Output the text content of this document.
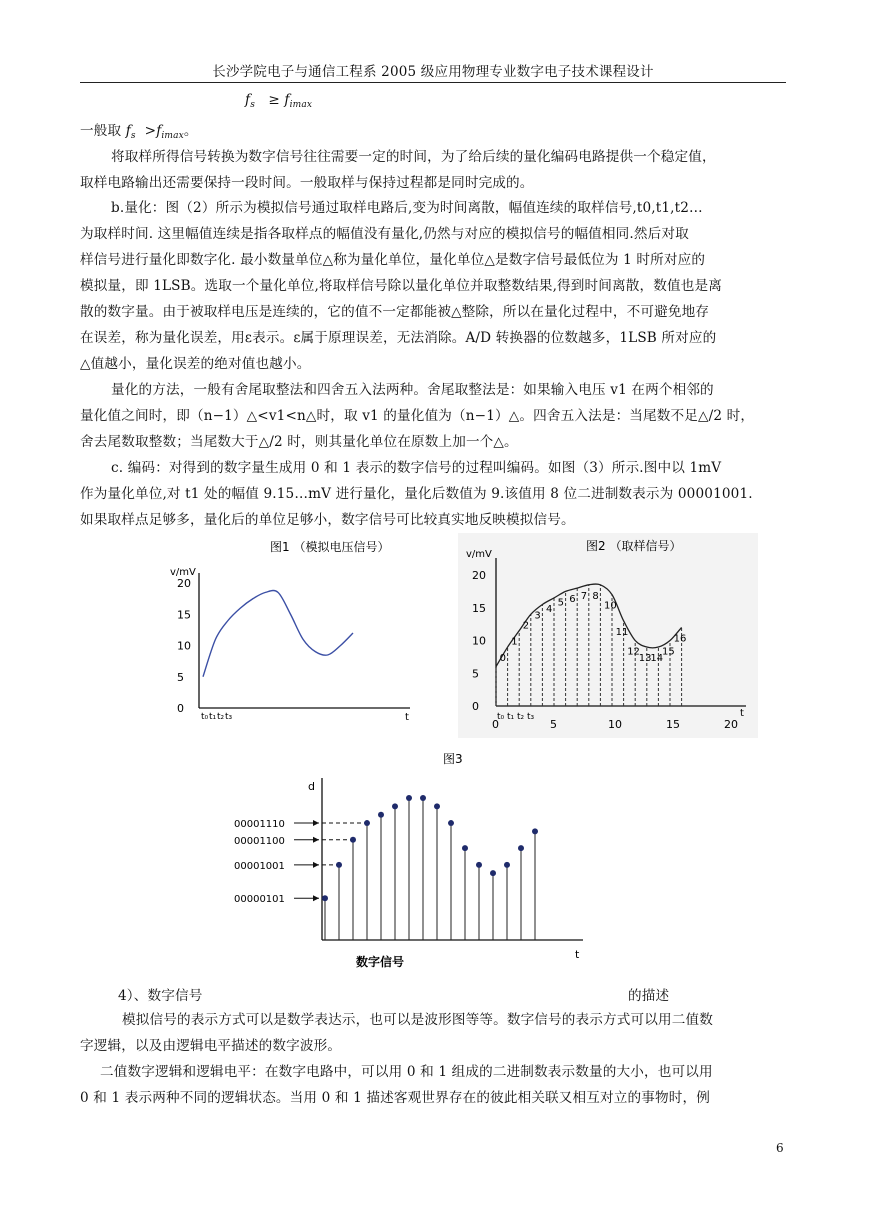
长沙学院电子与通信工程系 2005 级应用物理专业数字电子技术课程设计
$f_s \ge f_{imax}$
一般取 $f_s >f_{imax}$。
将取样所得信号转换为数字信号往往需要一定的时间，为了给后续的量化编码电路提供一个稳定值，
取样电路输出还需要保持一段时间。一般取样与保持过程都是同时完成的。
b.量化：图（2）所示为模拟信号通过取样电路后,变为时间离散，幅值连续的取样信号,t0,t1,t2…
为取样时间. 这里幅值连续是指各取样点的幅值没有量化,仍然与对应的模拟信号的幅值相同.然后对取
样信号进行量化即数字化. 最小数量单位△称为量化单位，量化单位△是数字信号最低位为 1 时所对应的
模拟量，即 1LSB。选取一个量化单位,将取样信号除以量化单位并取整数结果,得到时间离散，数值也是离
散的数字量。由于被取样电压是连续的，它的值不一定都能被△整除，所以在量化过程中，不可避免地存
在误差，称为量化误差，用ε表示。ε属于原理误差，无法消除。A/D 转换器的位数越多，1LSB 所对应的
△值越小，量化误差的绝对值也越小。
量化的方法，一般有舍尾取整法和四舍五入法两种。舍尾取整法是：如果输入电压 v1 在两个相邻的
量化值之间时，即（n−1）△<v1<n△时，取 v1 的量化值为（n−1）△。四舍五入法是：当尾数不足△/2 时，
舍去尾数取整数；当尾数大于△/2 时，则其量化单位在原数上加一个△。
c. 编码：对得到的数字量生成用 0 和 1 表示的数字信号的过程叫编码。如图（3）所示.图中以 1mV
作为量化单位,对 t1 处的幅值 9.15…mV 进行量化，量化后数值为 9.该值用 8 位二进制数表示为 00001001.
如果取样点足够多，量化后的单位足够小，数字信号可比较真实地反映模拟信号。
图1 （模拟电压信号）
v/mV
t
0
5
10
15
20
t₀ t₁ t₂ t₃
图2 （取样信号）
v/mV
t
0
5
10
15
20
0	5	10	15	20
t₀ t₁ t₂ t₃
0
1
2
3
4
5 6 7 8
10
11
12
13
14
15
16
图3
d
t
数字信号
00001110
00001100
00001001
00000101
4）、数字信号	的描述
模拟信号的表示方式可以是数学表达示，也可以是波形图等等。数字信号的表示方式可以用二值数
字逻辑，以及由逻辑电平描述的数字波形。
二值数字逻辑和逻辑电平：在数字电路中，可以用 0 和 1 组成的二进制数表示数量的大小，也可以用
0 和 1 表示两种不同的逻辑状态。当用 0 和 1 描述客观世界存在的彼此相关联又相互对立的事物时，例
6
